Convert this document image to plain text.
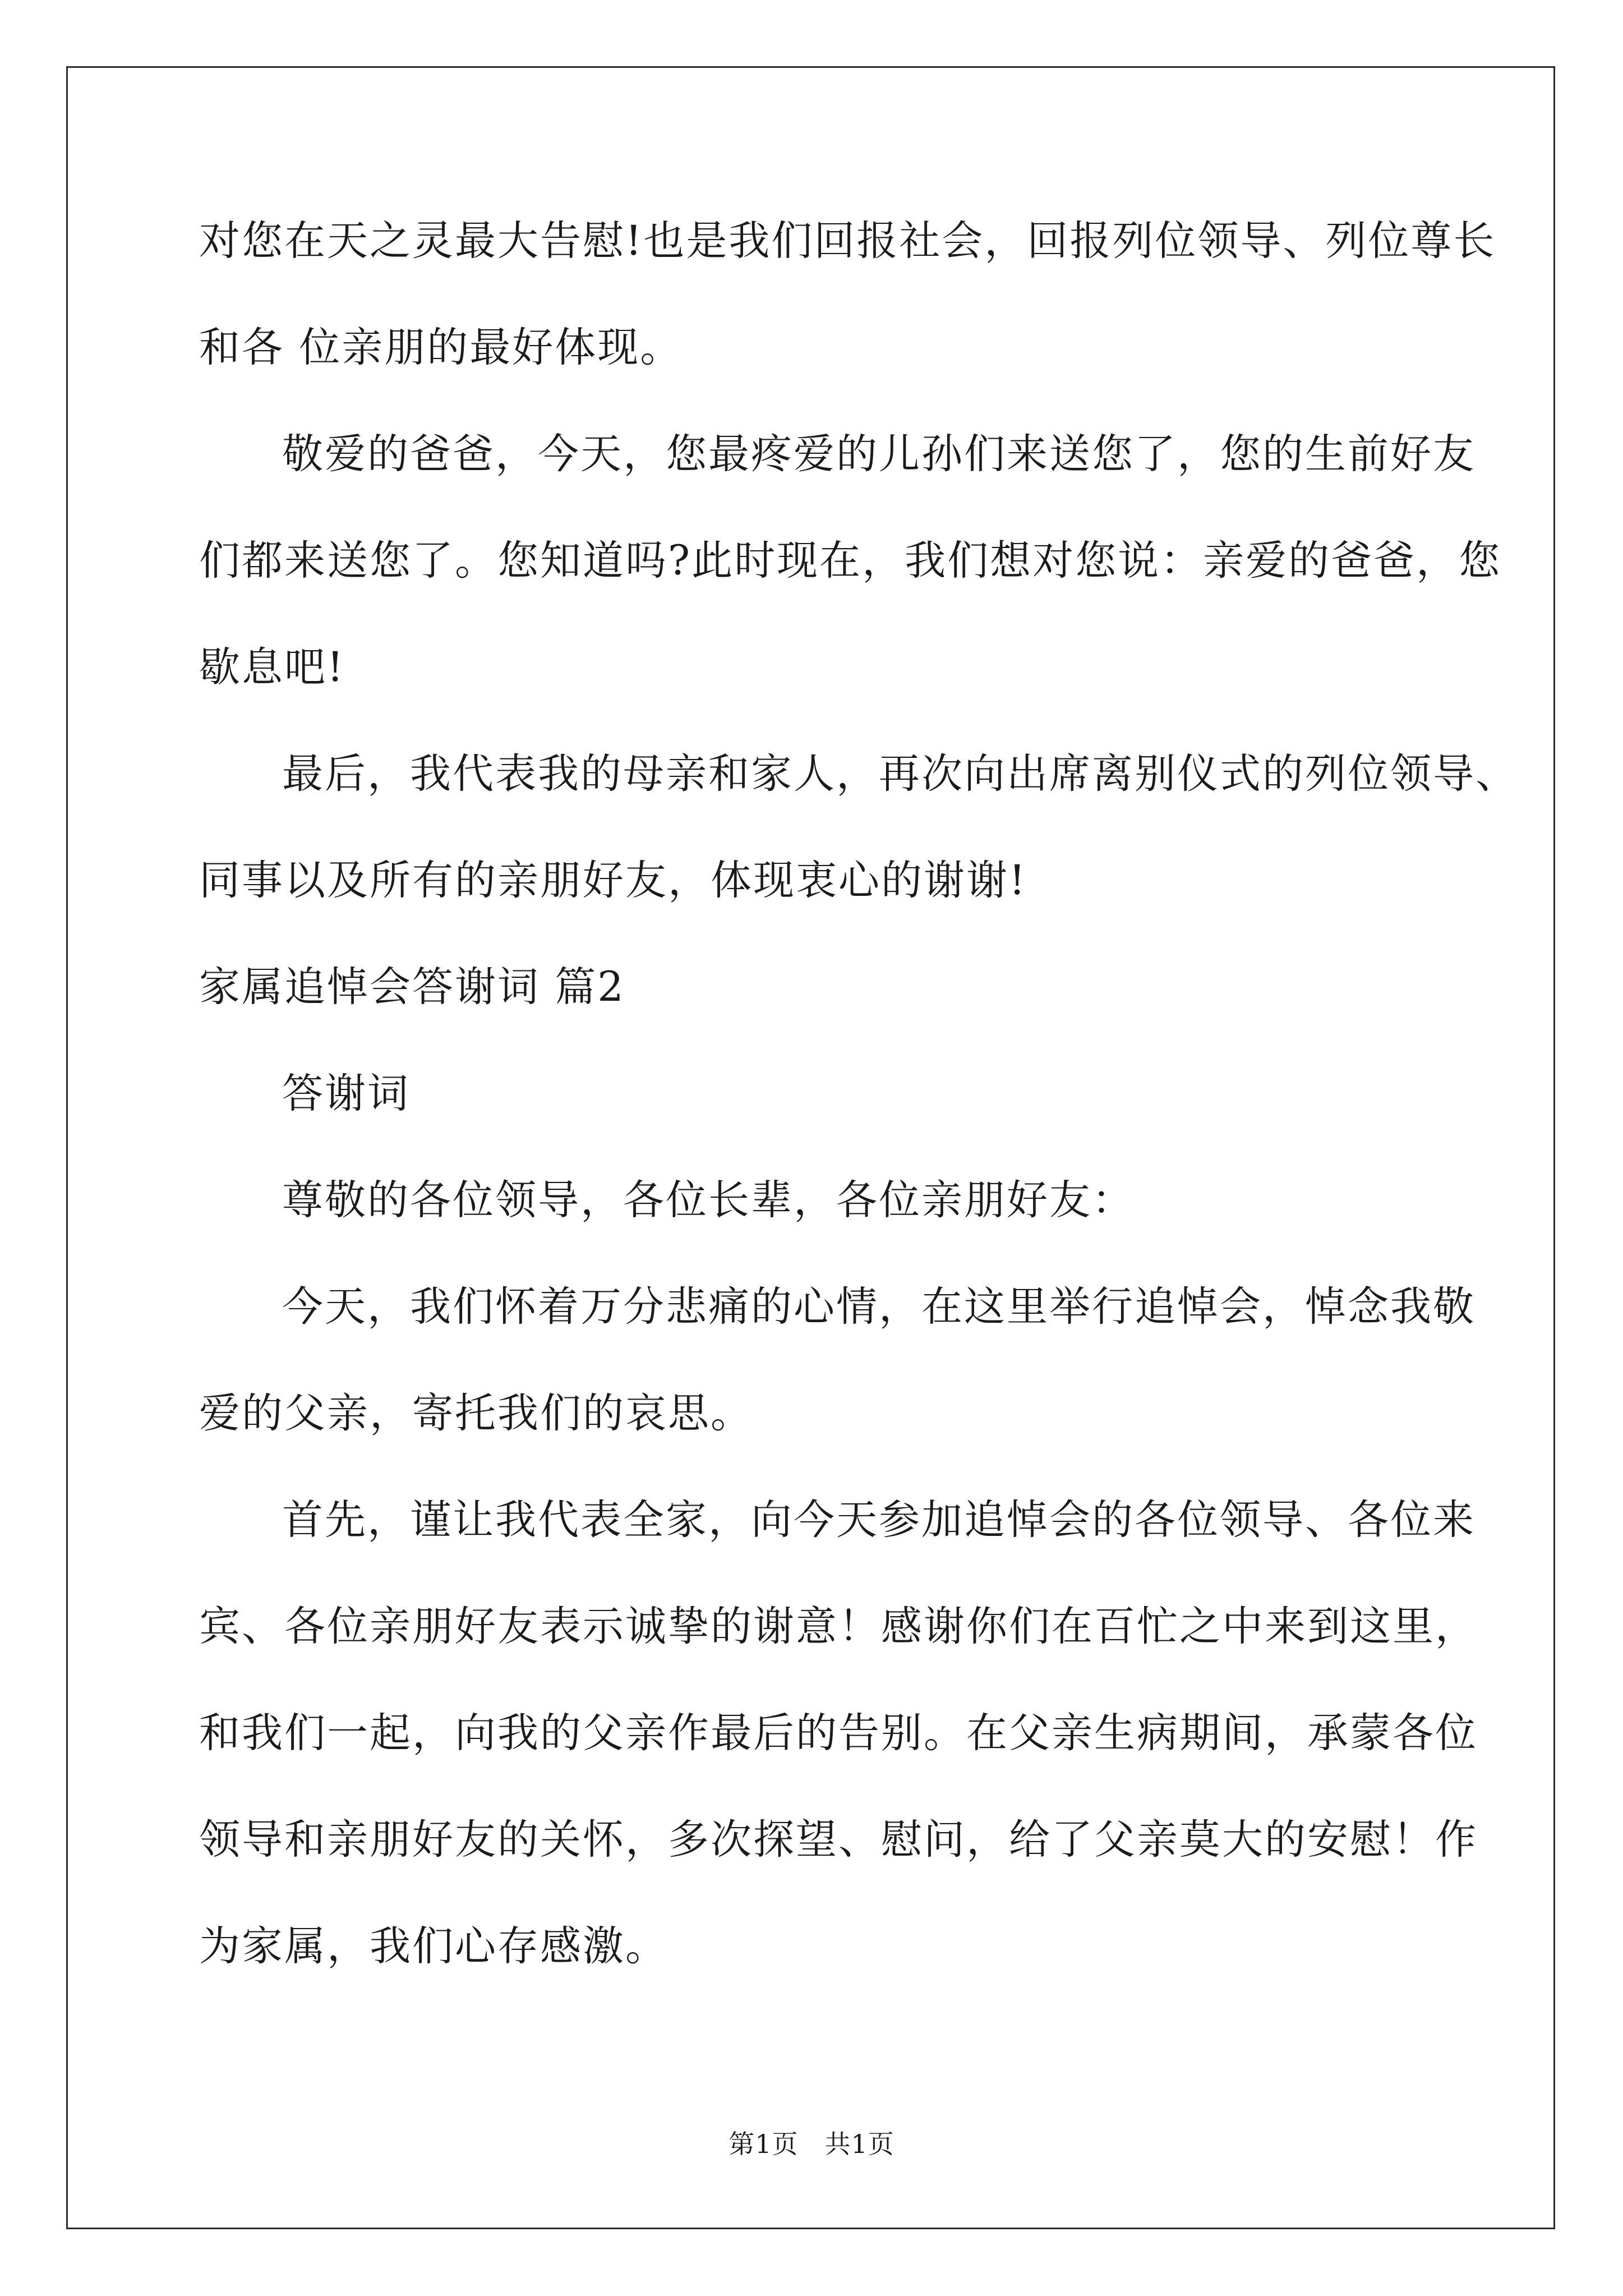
对您在天之灵最大告慰!也是我们回报社会，回报列位领导、列位尊长
和各 位亲朋的最好体现。
敬爱的爸爸，今天，您最疼爱的儿孙们来送您了，您的生前好友
们都来送您了。您知道吗?此时现在，我们想对您说：亲爱的爸爸，您
歇息吧!
最后，我代表我的母亲和家人，再次向出席离别仪式的列位领导、
同事以及所有的亲朋好友，体现衷心的谢谢!
家属追悼会答谢词 篇2
答谢词
尊敬的各位领导，各位长辈，各位亲朋好友：
今天，我们怀着万分悲痛的心情，在这里举行追悼会，悼念我敬
爱的父亲，寄托我们的哀思。
首先，谨让我代表全家，向今天参加追悼会的各位领导、各位来
宾、各位亲朋好友表示诚挚的谢意！感谢你们在百忙之中来到这里，
和我们一起，向我的父亲作最后的告别。在父亲生病期间，承蒙各位
领导和亲朋好友的关怀，多次探望、慰问，给了父亲莫大的安慰！作
为家属，我们心存感激。
第1页　共1页
